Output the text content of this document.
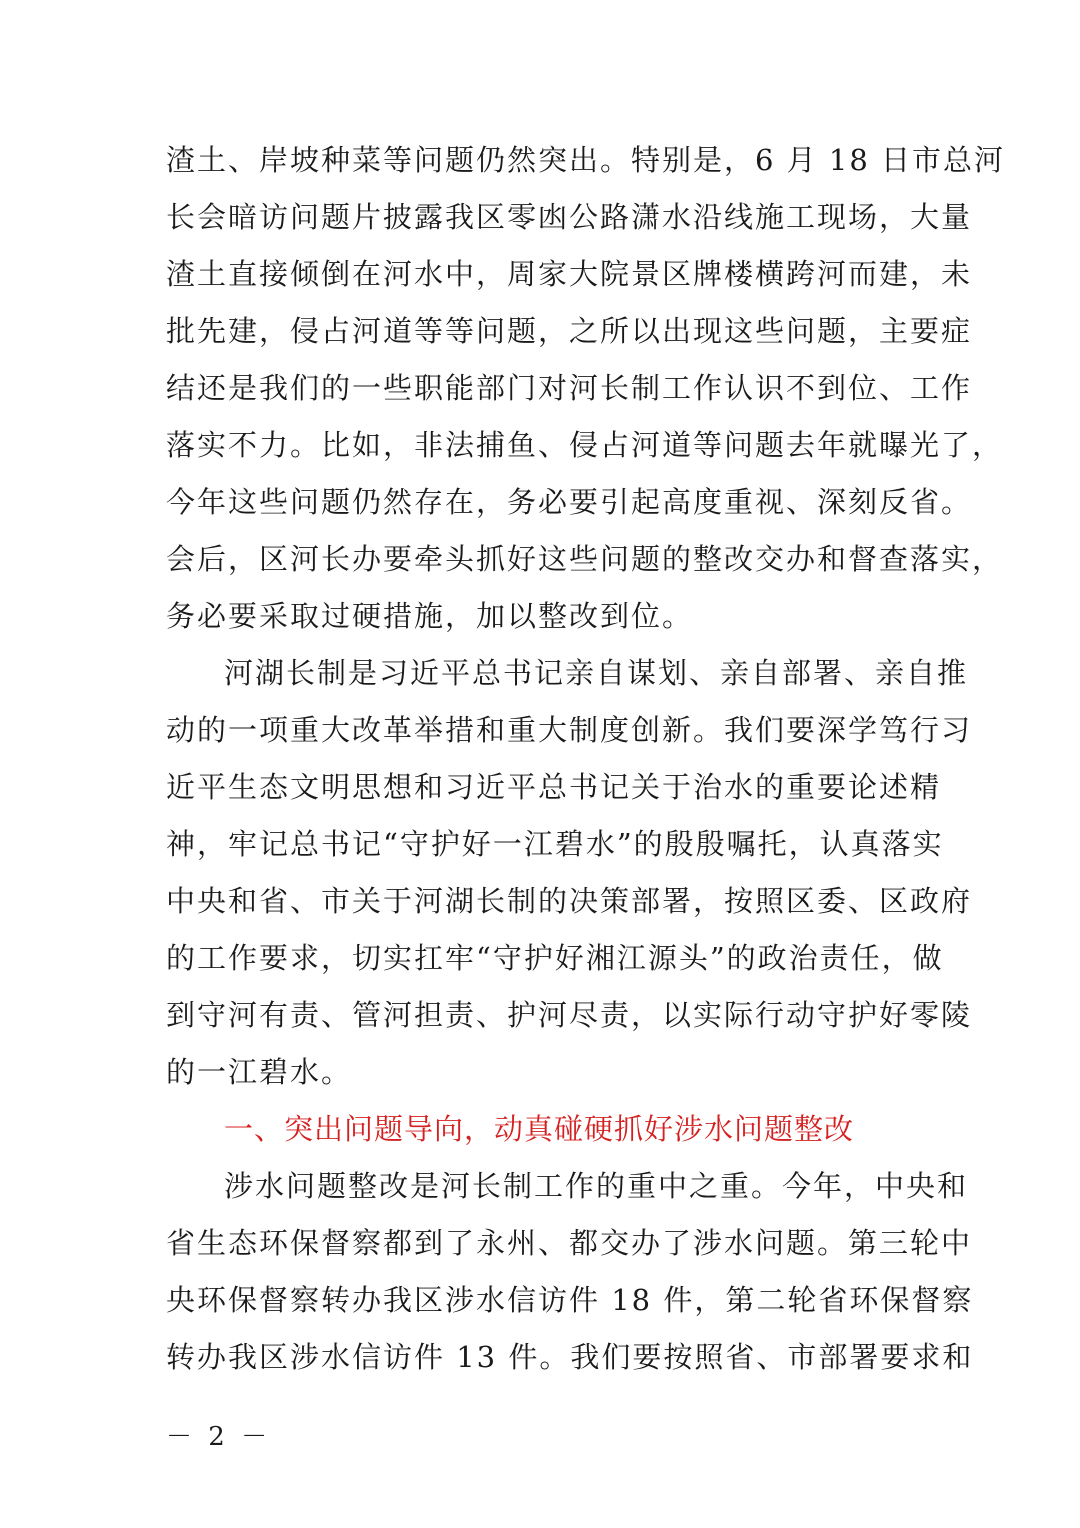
渣土、岸坡种菜等问题仍然突出。特别是，6 月 18 日市总河
长会暗访问题片披露我区零凼公路潇水沿线施工现场，大量
渣土直接倾倒在河水中，周家大院景区牌楼横跨河而建，未
批先建，侵占河道等等问题，之所以出现这些问题，主要症
结还是我们的一些职能部门对河长制工作认识不到位、工作
落实不力。比如，非法捕鱼、侵占河道等问题去年就曝光了，
今年这些问题仍然存在，务必要引起高度重视、深刻反省。
会后，区河长办要牵头抓好这些问题的整改交办和督查落实，
务必要采取过硬措施，加以整改到位。
河湖长制是习近平总书记亲自谋划、亲自部署、亲自推
动的一项重大改革举措和重大制度创新。我们要深学笃行习
近平生态文明思想和习近平总书记关于治水的重要论述精
神，牢记总书记“守护好一江碧水”的殷殷嘱托，认真落实
中央和省、市关于河湖长制的决策部署，按照区委、区政府
的工作要求，切实扛牢“守护好湘江源头”的政治责任，做
到守河有责、管河担责、护河尽责，以实际行动守护好零陵
的一江碧水。
一、突出问题导向，动真碰硬抓好涉水问题整改
涉水问题整改是河长制工作的重中之重。今年，中央和
省生态环保督察都到了永州、都交办了涉水问题。第三轮中
央环保督察转办我区涉水信访件 18 件，第二轮省环保督察
转办我区涉水信访件 13 件。我们要按照省、市部署要求和
－ 2 －
